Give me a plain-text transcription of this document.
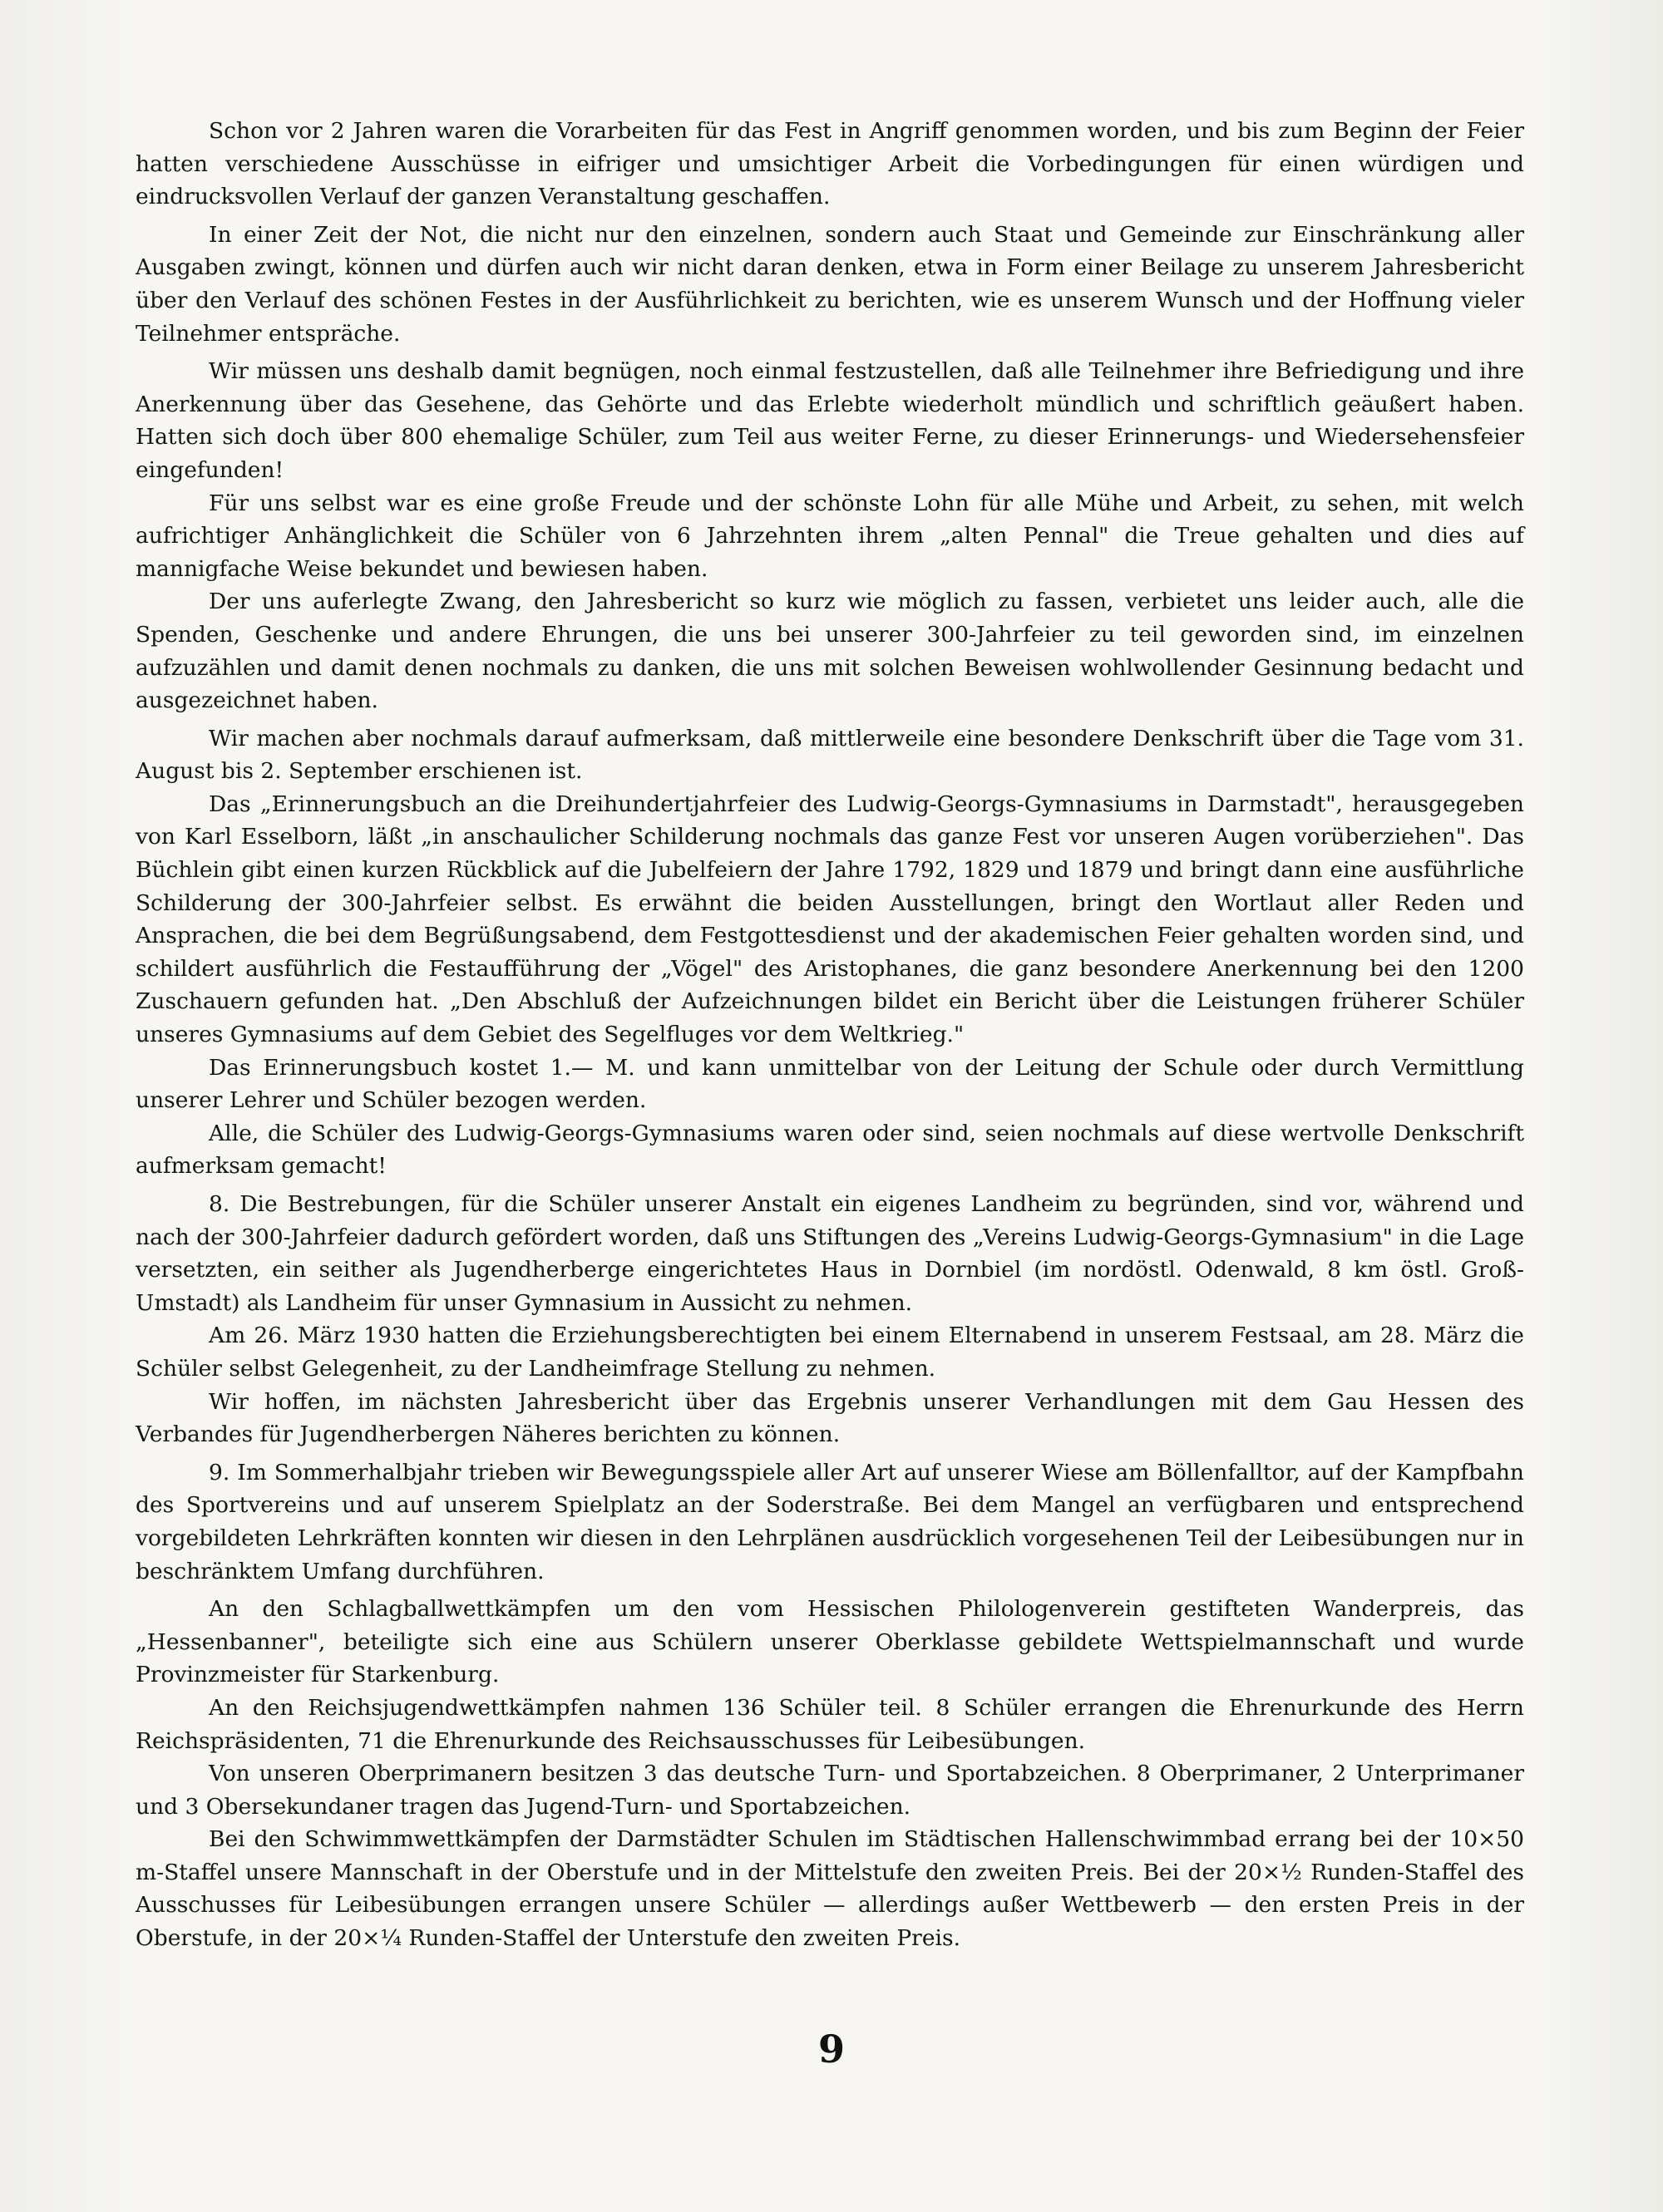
Schon vor 2 Jahren waren die Vorarbeiten für das Fest in Angriff genommen worden, und bis zum Beginn der Feier hatten verschiedene Ausschüsse in eifriger und umsichtiger Arbeit die Vorbedingungen für einen würdigen und eindrucksvollen Verlauf der ganzen Veranstaltung geschaffen.

In einer Zeit der Not, die nicht nur den einzelnen, sondern auch Staat und Gemeinde zur Einschränkung aller Ausgaben zwingt, können und dürfen auch wir nicht daran denken, etwa in Form einer Beilage zu unserem Jahresbericht über den Verlauf des schönen Festes in der Ausführlichkeit zu berichten, wie es unserem Wunsch und der Hoffnung vieler Teilnehmer entspräche.

Wir müssen uns deshalb damit begnügen, noch einmal festzustellen, daß alle Teilnehmer ihre Befriedigung und ihre Anerkennung über das Gesehene, das Gehörte und das Erlebte wiederholt mündlich und schriftlich geäußert haben. Hatten sich doch über 800 ehemalige Schüler, zum Teil aus weiter Ferne, zu dieser Erinnerungs- und Wiedersehensfeier eingefunden!

Für uns selbst war es eine große Freude und der schönste Lohn für alle Mühe und Arbeit, zu sehen, mit welch aufrichtiger Anhänglichkeit die Schüler von 6 Jahrzehnten ihrem „alten Pennal" die Treue gehalten und dies auf mannigfache Weise bekundet und bewiesen haben.

Der uns auferlegte Zwang, den Jahresbericht so kurz wie möglich zu fassen, verbietet uns leider auch, alle die Spenden, Geschenke und andere Ehrungen, die uns bei unserer 300-Jahrfeier zu teil geworden sind, im einzelnen aufzuzählen und damit denen nochmals zu danken, die uns mit solchen Beweisen wohlwollender Gesinnung bedacht und ausgezeichnet haben.

Wir machen aber nochmals darauf aufmerksam, daß mittlerweile eine besondere Denkschrift über die Tage vom 31. August bis 2. September erschienen ist.

Das „Erinnerungsbuch an die Dreihundertjahrfeier des Ludwig-Georgs-Gymnasiums in Darmstadt", herausgegeben von Karl Esselborn, läßt „in anschaulicher Schilderung nochmals das ganze Fest vor unseren Augen vorüberziehen". Das Büchlein gibt einen kurzen Rückblick auf die Jubelfeiern der Jahre 1792, 1829 und 1879 und bringt dann eine ausführliche Schilderung der 300-Jahrfeier selbst. Es erwähnt die beiden Ausstellungen, bringt den Wortlaut aller Reden und Ansprachen, die bei dem Begrüßungsabend, dem Festgottesdienst und der akademischen Feier gehalten worden sind, und schildert ausführlich die Festaufführung der „Vögel" des Aristophanes, die ganz besondere Anerkennung bei den 1200 Zuschauern gefunden hat. „Den Abschluß der Aufzeichnungen bildet ein Bericht über die Leistungen früherer Schüler unseres Gymnasiums auf dem Gebiet des Segelfluges vor dem Weltkrieg."

Das Erinnerungsbuch kostet 1.— M. und kann unmittelbar von der Leitung der Schule oder durch Vermittlung unserer Lehrer und Schüler bezogen werden.

Alle, die Schüler des Ludwig-Georgs-Gymnasiums waren oder sind, seien nochmals auf diese wertvolle Denkschrift aufmerksam gemacht!

8. Die Bestrebungen, für die Schüler unserer Anstalt ein eigenes Landheim zu begründen, sind vor, während und nach der 300-Jahrfeier dadurch gefördert worden, daß uns Stiftungen des „Vereins Ludwig-Georgs-Gymnasium" in die Lage versetzten, ein seither als Jugendherberge eingerichtetes Haus in Dornbiel (im nordöstl. Odenwald, 8 km östl. Groß-Umstadt) als Landheim für unser Gymnasium in Aussicht zu nehmen.

Am 26. März 1930 hatten die Erziehungsberechtigten bei einem Elternabend in unserem Festsaal, am 28. März die Schüler selbst Gelegenheit, zu der Landheimfrage Stellung zu nehmen.

Wir hoffen, im nächsten Jahresbericht über das Ergebnis unserer Verhandlungen mit dem Gau Hessen des Verbandes für Jugendherbergen Näheres berichten zu können.

9. Im Sommerhalbjahr trieben wir Bewegungsspiele aller Art auf unserer Wiese am Böllenfalltor, auf der Kampfbahn des Sportvereins und auf unserem Spielplatz an der Soderstraße. Bei dem Mangel an verfügbaren und entsprechend vorgebildeten Lehrkräften konnten wir diesen in den Lehrplänen ausdrücklich vorgesehenen Teil der Leibesübungen nur in beschränktem Umfang durchführen.

An den Schlagballwettkämpfen um den vom Hessischen Philologenverein gestifteten Wanderpreis, das „Hessenbanner", beteiligte sich eine aus Schülern unserer Oberklasse gebildete Wettspielmannschaft und wurde Provinzmeister für Starkenburg.

An den Reichsjugendwettkämpfen nahmen 136 Schüler teil. 8 Schüler errangen die Ehrenurkunde des Herrn Reichspräsidenten, 71 die Ehrenurkunde des Reichsausschusses für Leibesübungen.

Von unseren Oberprimanern besitzen 3 das deutsche Turn- und Sportabzeichen. 8 Oberprimaner, 2 Unterprimaner und 3 Obersekundaner tragen das Jugend-Turn- und Sportabzeichen.

Bei den Schwimmwettkämpfen der Darmstädter Schulen im Städtischen Hallenschwimmbad errang bei der 10×50 m-Staffel unsere Mannschaft in der Oberstufe und in der Mittelstufe den zweiten Preis. Bei der 20×½ Runden-Staffel des Ausschusses für Leibesübungen errangen unsere Schüler — allerdings außer Wettbewerb — den ersten Preis in der Oberstufe, in der 20×¼ Runden-Staffel der Unterstufe den zweiten Preis.

9
